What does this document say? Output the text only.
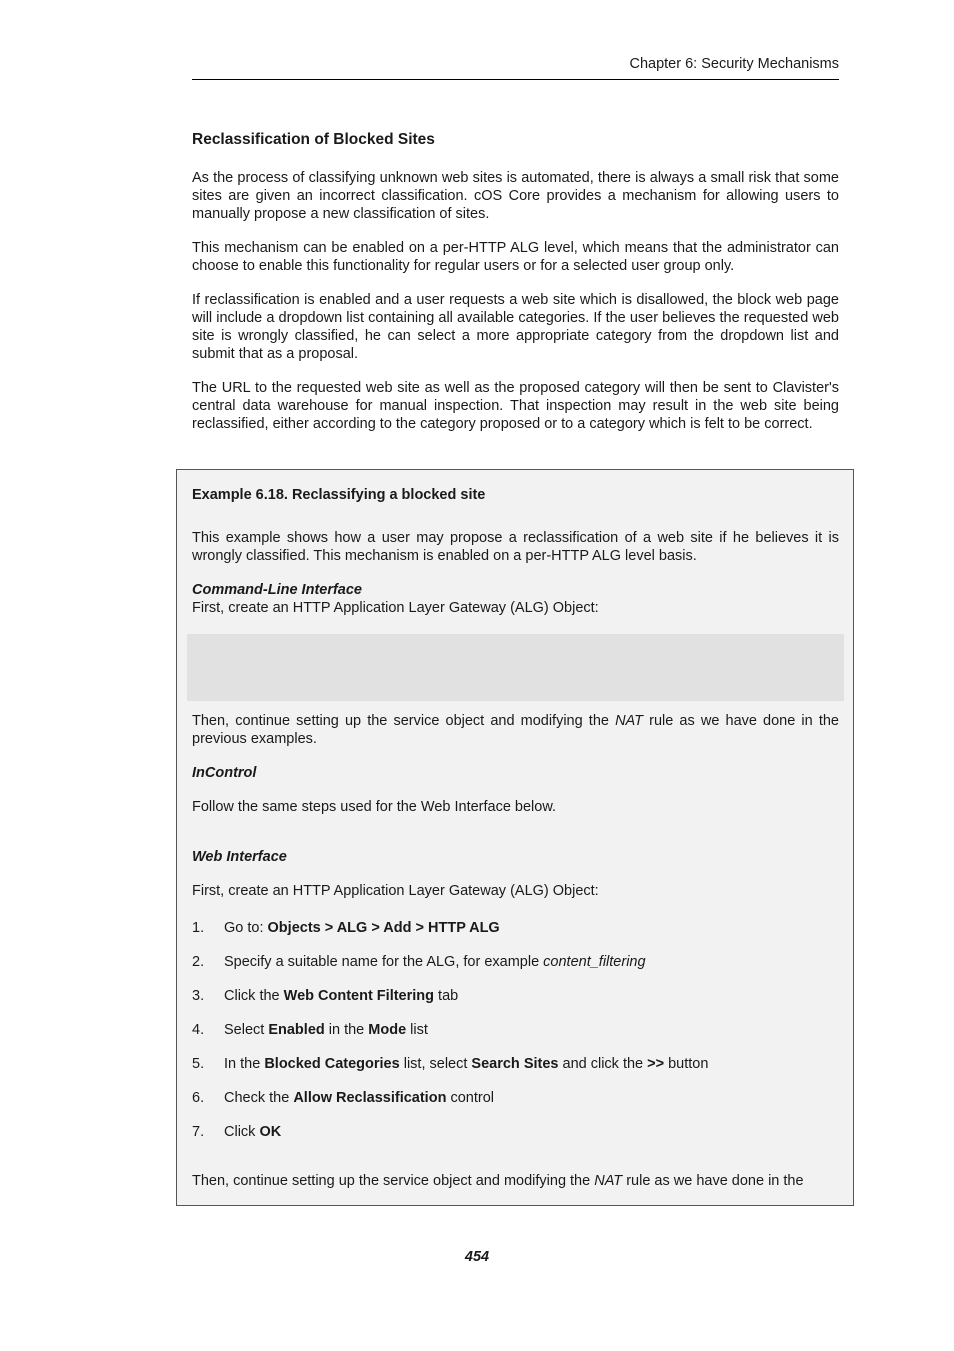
Chapter 6: Security Mechanisms
Reclassification of Blocked Sites

As the process of classifying unknown web sites is automated, there is always a small risk that some sites are given an incorrect classification. cOS Core provides a mechanism for allowing users to manually propose a new classification of sites.

This mechanism can be enabled on a per-HTTP ALG level, which means that the administrator can choose to enable this functionality for regular users or for a selected user group only.

If reclassification is enabled and a user requests a web site which is disallowed, the block web page will include a dropdown list containing all available categories. If the user believes the requested web site is wrongly classified, he can select a more appropriate category from the dropdown list and submit that as a proposal.

The URL to the requested web site as well as the proposed category will then be sent to Clavister's central data warehouse for manual inspection. That inspection may result in the web site being reclassified, either according to the category proposed or to a category which is felt to be correct.

Example 6.18. Reclassifying a blocked site

This example shows how a user may propose a reclassification of a web site if he believes it is wrongly classified. This mechanism is enabled on a per-HTTP ALG level basis.

Command-Line Interface
First, create an HTTP Application Layer Gateway (ALG) Object:

Then, continue setting up the service object and modifying the NAT rule as we have done in the previous examples.

InControl

Follow the same steps used for the Web Interface below.

Web Interface

First, create an HTTP Application Layer Gateway (ALG) Object:

1. Go to: Objects > ALG > Add > HTTP ALG
2. Specify a suitable name for the ALG, for example content_filtering
3. Click the Web Content Filtering tab
4. Select Enabled in the Mode list
5. In the Blocked Categories list, select Search Sites and click the >> button
6. Check the Allow Reclassification control
7. Click OK

Then, continue setting up the service object and modifying the NAT rule as we have done in the

454
